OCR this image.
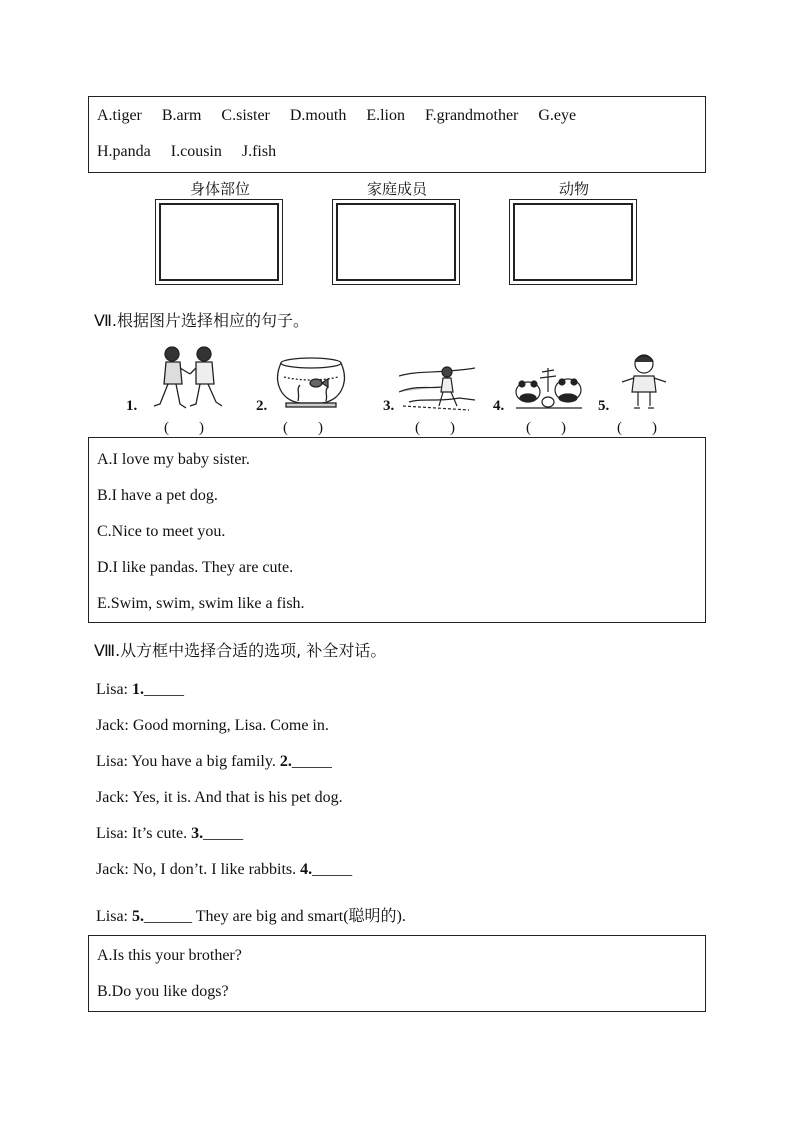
A.tiger B.arm C.sister D.mouth E.lion F.grandmother G.eye
H.panda I.cousin J.fish
身体部位	家庭成员	动物
Ⅶ.根据图片选择相应的句子。
1.	2.	3.	4.	5.
(　　)	(　　)	(　　)	(　　)	(　　)
A.I love my baby sister.
B.I have a pet dog.
C.Nice to meet you.
D.I like pandas. They are cute.
E.Swim, swim, swim like a fish.
Ⅷ.从方框中选择合适的选项, 补全对话。
Lisa: 1._____
Jack: Good morning, Lisa. Come in.
Lisa: You have a big family. 2._____
Jack: Yes, it is. And that is his pet dog.
Lisa: It’s cute. 3._____
Jack: No, I don’t. I like rabbits. 4._____
Lisa: 5.______ They are big and smart(聪明的).
A.Is this your brother?
B.Do you like dogs?
